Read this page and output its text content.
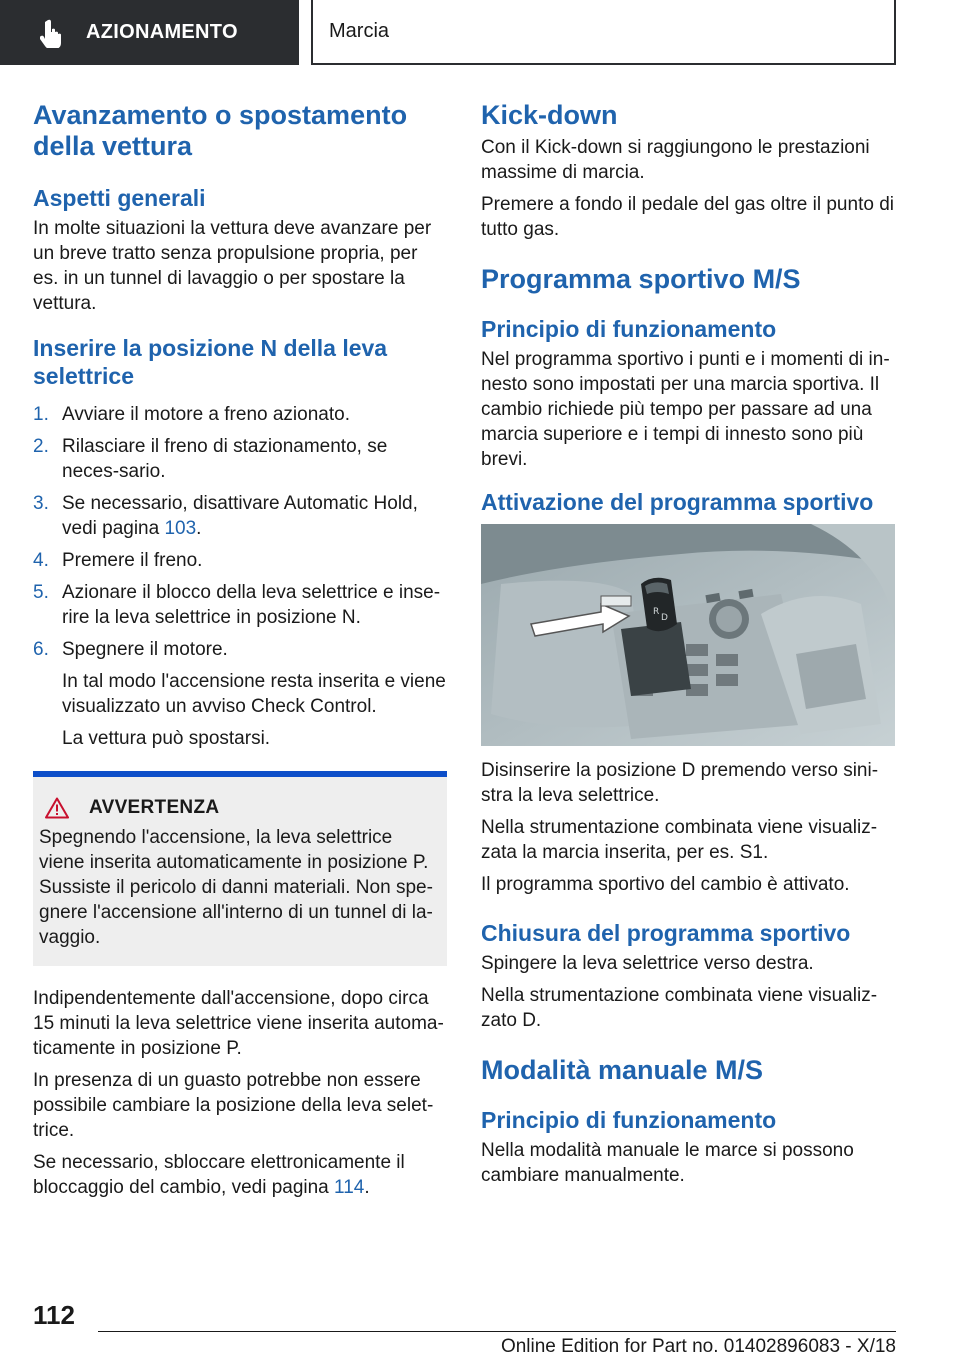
AZIONAMENTO	Marcia
Avanzamento o spostamento della vettura
Aspetti generali

In molte situazioni la vettura deve avanzare per un breve tratto senza propulsione propria, per es. in un tunnel di lavaggio o per spostare la vettura.

Inserire la posizione N della leva selettrice
1. Avviare il motore a freno azionato.
2. Rilasciare il freno di stazionamento, se neces‐sario.
3. Se necessario, disattivare Automatic Hold, vedi pagina 103.
4. Premere il freno.
5. Azionare il blocco della leva selettrice e inse‐rire la leva selettrice in posizione N.
6. Spegnere il motore.
In tal modo l'accensione resta inserita e viene visualizzato un avviso Check Control.
La vettura può spostarsi.
AVVERTENZA

Spegnendo l'accensione, la leva selettrice viene inserita automaticamente in posizione P. Sussiste il pericolo di danni materiali. Non spe‐gnere l'accensione all'interno di un tunnel di la‐vaggio.

Indipendentemente dall'accensione, dopo circa 15 minuti la leva selettrice viene inserita automa‐ticamente in posizione P.

In presenza di un guasto potrebbe non essere possibile cambiare la posizione della leva selet‐trice.

Se necessario, sbloccare elettronicamente il bloccaggio del cambio, vedi pagina 114.

Kick-down

Con il Kick-down si raggiungono le prestazioni massime di marcia.

Premere a fondo il pedale del gas oltre il punto di tutto gas.

Programma sportivo M/S
Principio di funzionamento

Nel programma sportivo i punti e i momenti di in‐nesto sono impostati per una marcia sportiva. Il cambio richiede più tempo per passare ad una marcia superiore e i tempi di innesto sono più brevi.

Attivazione del programma sportivo
R
D

Disinserire la posizione D premendo verso sini‐stra la leva selettrice.

Nella strumentazione combinata viene visualiz‐zata la marcia inserita, per es. S1.

Il programma sportivo del cambio è attivato.

Chiusura del programma sportivo

Spingere la leva selettrice verso destra.

Nella strumentazione combinata viene visualiz‐zato D.

Modalità manuale M/S
Principio di funzionamento

Nella modalità manuale le marce si possono cambiare manualmente.

112
Online Edition for Part no. 01402896083 - X/18
